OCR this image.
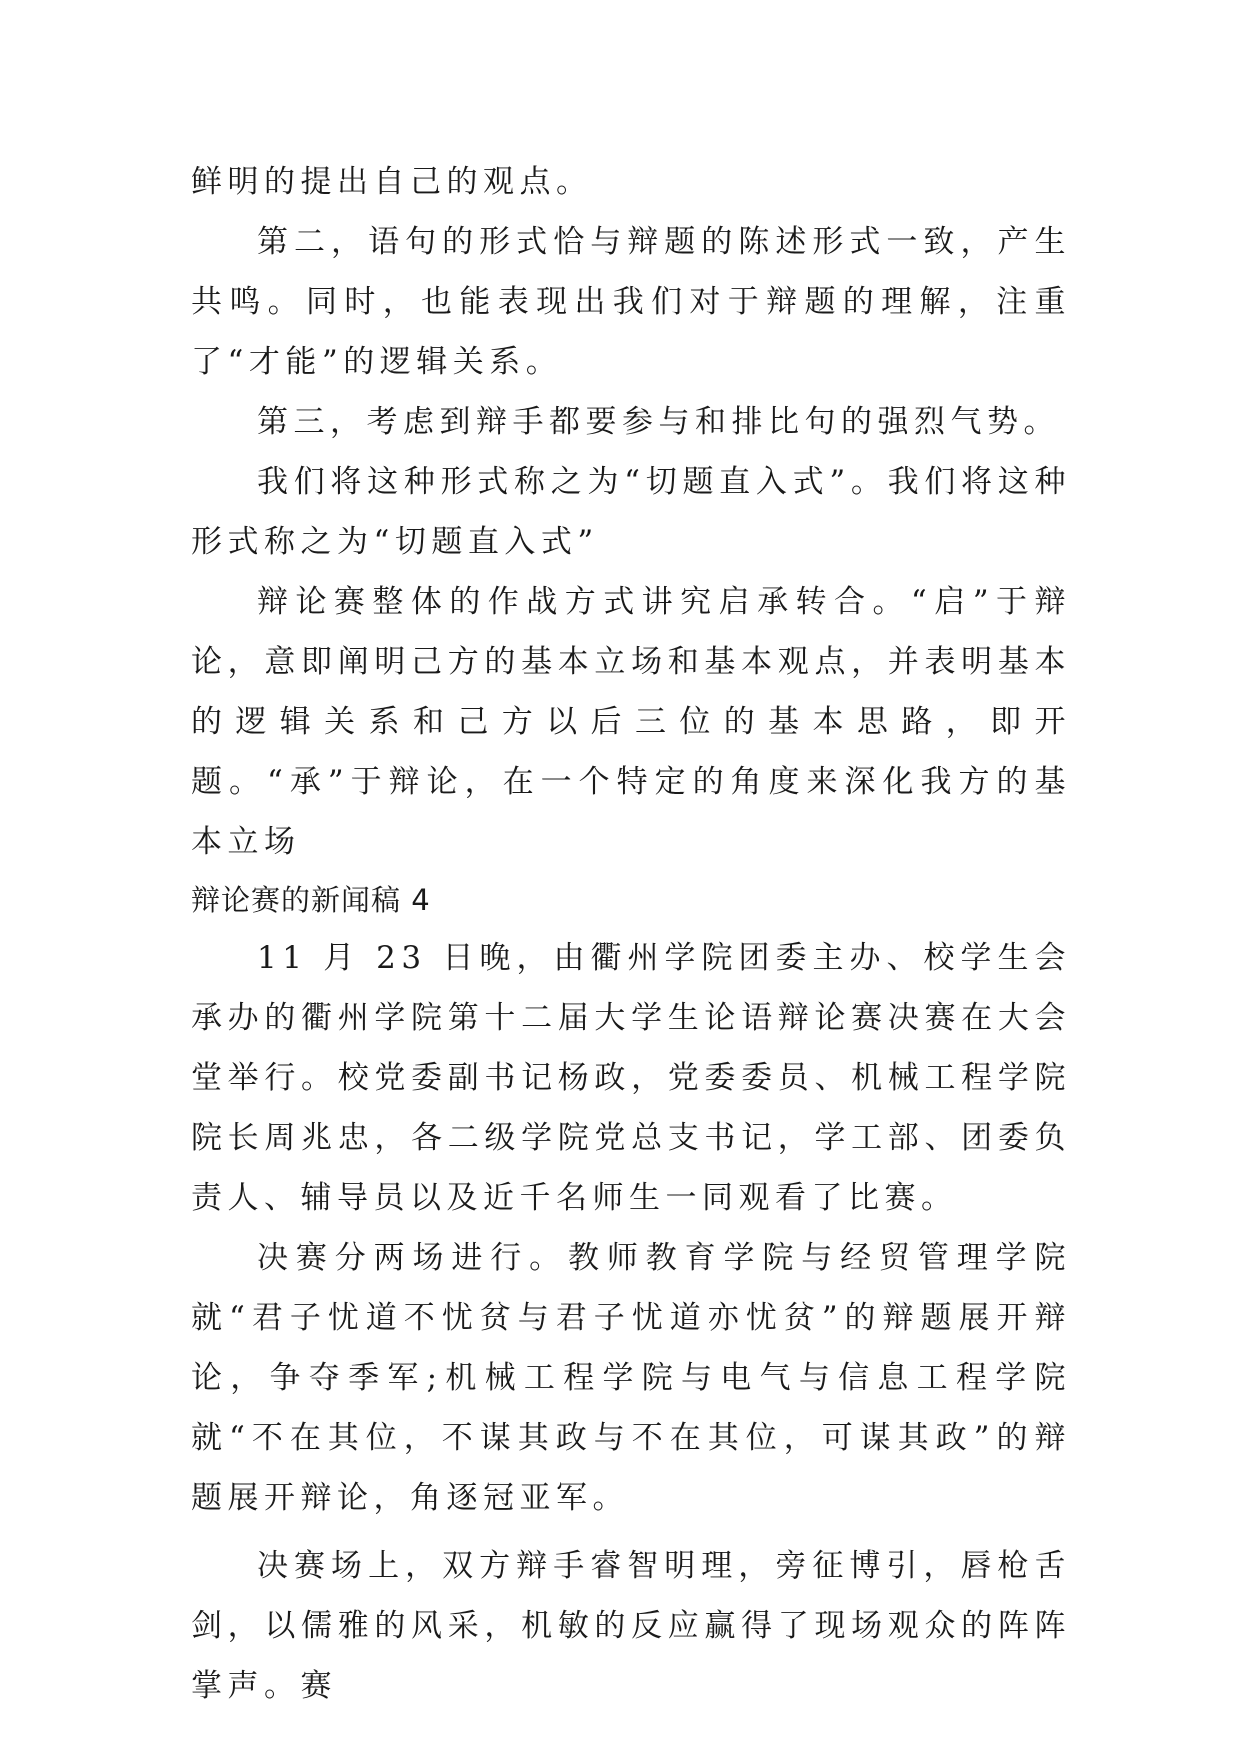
鲜明的提出自己的观点。

第二，语句的形式恰与辩题的陈述形式一致，产生共鸣。同时，也能表现出我们对于辩题的理解，注重了“才能”的逻辑关系。

第三，考虑到辩手都要参与和排比句的强烈气势。

我们将这种形式称之为“切题直入式”。我们将这种形式称之为“切题直入式”

辩论赛整体的作战方式讲究启承转合。“启”于辩论，意即阐明己方的基本立场和基本观点，并表明基本的逻辑关系和己方以后三位的基本思路，即开题。“承”于辩论，在一个特定的角度来深化我方的基本立场

辩论赛的新闻稿 4

11 月 23 日晚，由衢州学院团委主办、校学生会承办的衢州学院第十二届大学生论语辩论赛决赛在大会堂举行。校党委副书记杨政，党委委员、机械工程学院院长周兆忠，各二级学院党总支书记，学工部、团委负责人、辅导员以及近千名师生一同观看了比赛。

决赛分两场进行。教师教育学院与经贸管理学院就“君子忧道不忧贫与君子忧道亦忧贫”的辩题展开辩论，争夺季军;机械工程学院与电气与信息工程学院就“不在其位，不谋其政与不在其位，可谋其政”的辩题展开辩论，角逐冠亚军。

决赛场上，双方辩手睿智明理，旁征博引，唇枪舌剑，以儒雅的风采，机敏的反应赢得了现场观众的阵阵掌声。赛
